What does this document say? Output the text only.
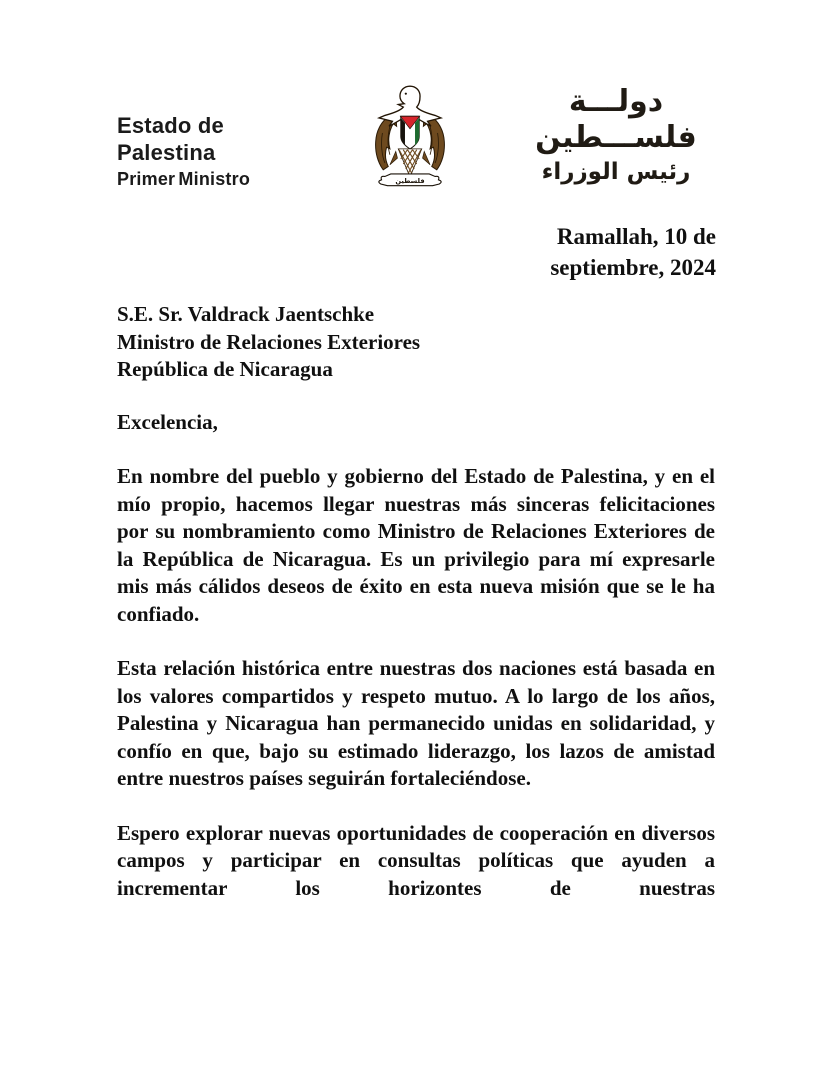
Estado de
Palestina
Primer Ministro	فلسطين
دولـــة فلســـطين
رئيس الوزراء
Ramallah, 10 de
septiembre, 2024
S.E. Sr. Valdrack Jaentschke
Ministro de Relaciones Exteriores
República de Nicaragua
Excelencia,

En nombre del pueblo y gobierno del Estado de Palestina, y en el mío propio, hacemos llegar nuestras más sinceras felicitaciones por su nombramiento como Ministro de Relaciones Exteriores de la República de Nicaragua. Es un privilegio para mí expresarle mis más cálidos deseos de éxito en esta nueva misión que se le ha confiado.

Esta relación histórica entre nuestras dos naciones está basada en los valores compartidos y respeto mutuo. A lo largo de los años, Palestina y Nicaragua han permanecido unidas en solidaridad, y confío en que, bajo su estimado liderazgo, los lazos de amistad entre nuestros países seguirán fortaleciéndose.

Espero explorar nuevas oportunidades de cooperación en diversos campos y participar en consultas políticas que ayuden a incrementar los horizontes de nuestras
